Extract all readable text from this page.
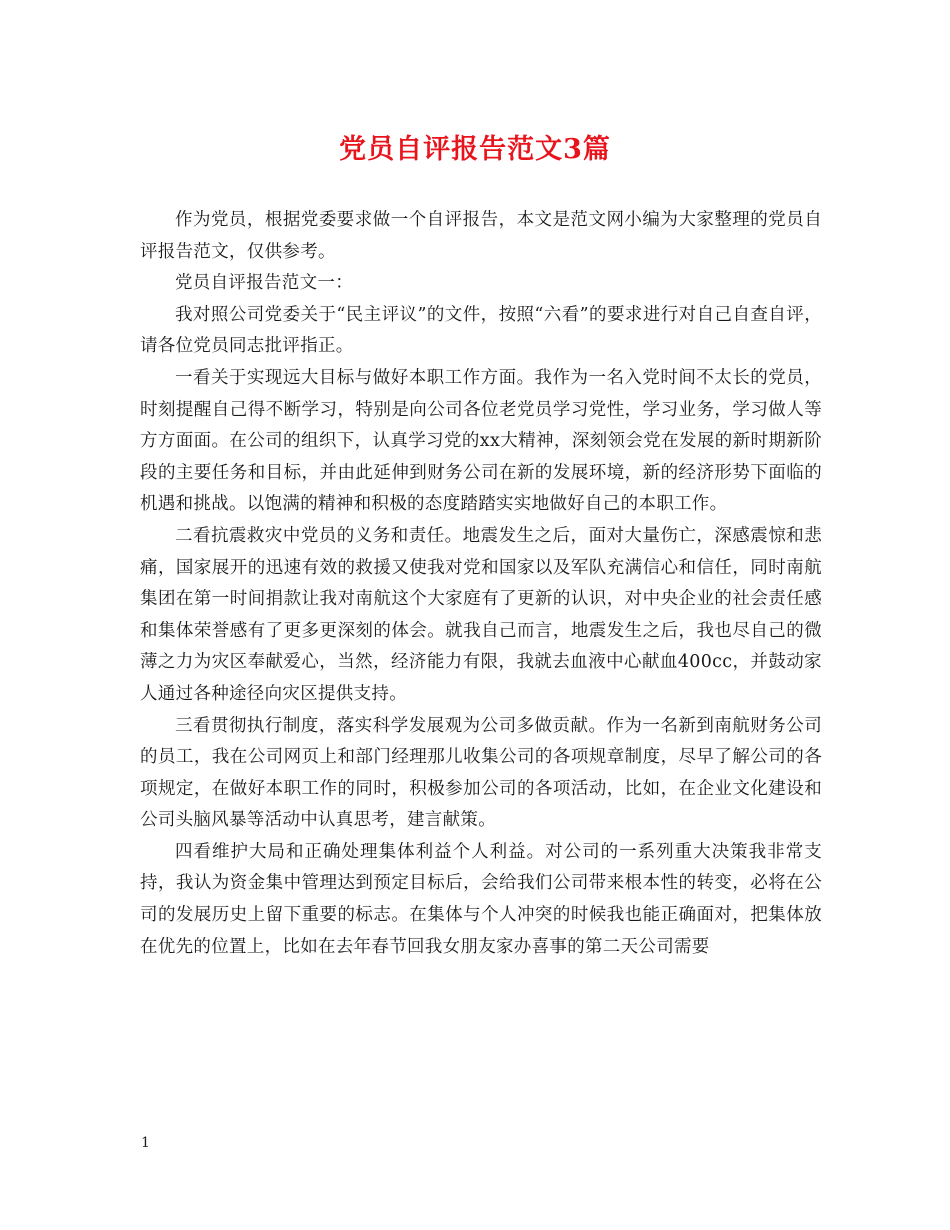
党员自评报告范文3篇

作为党员，根据党委要求做一个自评报告，本文是范文网小编为大家整理的党员自评报告范文，仅供参考。

党员自评报告范文一：

我对照公司党委关于“民主评议”的文件，按照“六看”的要求进行对自己自查自评，请各位党员同志批评指正。

一看关于实现远大目标与做好本职工作方面。我作为一名入党时间不太长的党员，时刻提醒自己得不断学习，特别是向公司各位老党员学习党性，学习业务，学习做人等方方面面。在公司的组织下，认真学习党的xx大精神，深刻领会党在发展的新时期新阶段的主要任务和目标，并由此延伸到财务公司在新的发展环境，新的经济形势下面临的机遇和挑战。以饱满的精神和积极的态度踏踏实实地做好自己的本职工作。

二看抗震救灾中党员的义务和责任。地震发生之后，面对大量伤亡，深感震惊和悲痛，国家展开的迅速有效的救援又使我对党和国家以及军队充满信心和信任，同时南航集团在第一时间捐款让我对南航这个大家庭有了更新的认识，对中央企业的社会责任感和集体荣誉感有了更多更深刻的体会。就我自己而言，地震发生之后，我也尽自己的微薄之力为灾区奉献爱心，当然，经济能力有限，我就去血液中心献血400cc，并鼓动家人通过各种途径向灾区提供支持。

三看贯彻执行制度，落实科学发展观为公司多做贡献。作为一名新到南航财务公司的员工，我在公司网页上和部门经理那儿收集公司的各项规章制度，尽早了解公司的各项规定，在做好本职工作的同时，积极参加公司的各项活动，比如，在企业文化建设和公司头脑风暴等活动中认真思考，建言献策。

四看维护大局和正确处理集体利益个人利益。对公司的一系列重大决策我非常支持，我认为资金集中管理达到预定目标后，会给我们公司带来根本性的转变，必将在公司的发展历史上留下重要的标志。在集体与个人冲突的时候我也能正确面对，把集体放在优先的位置上，比如在去年春节回我女朋友家办喜事的第二天公司需要

1
